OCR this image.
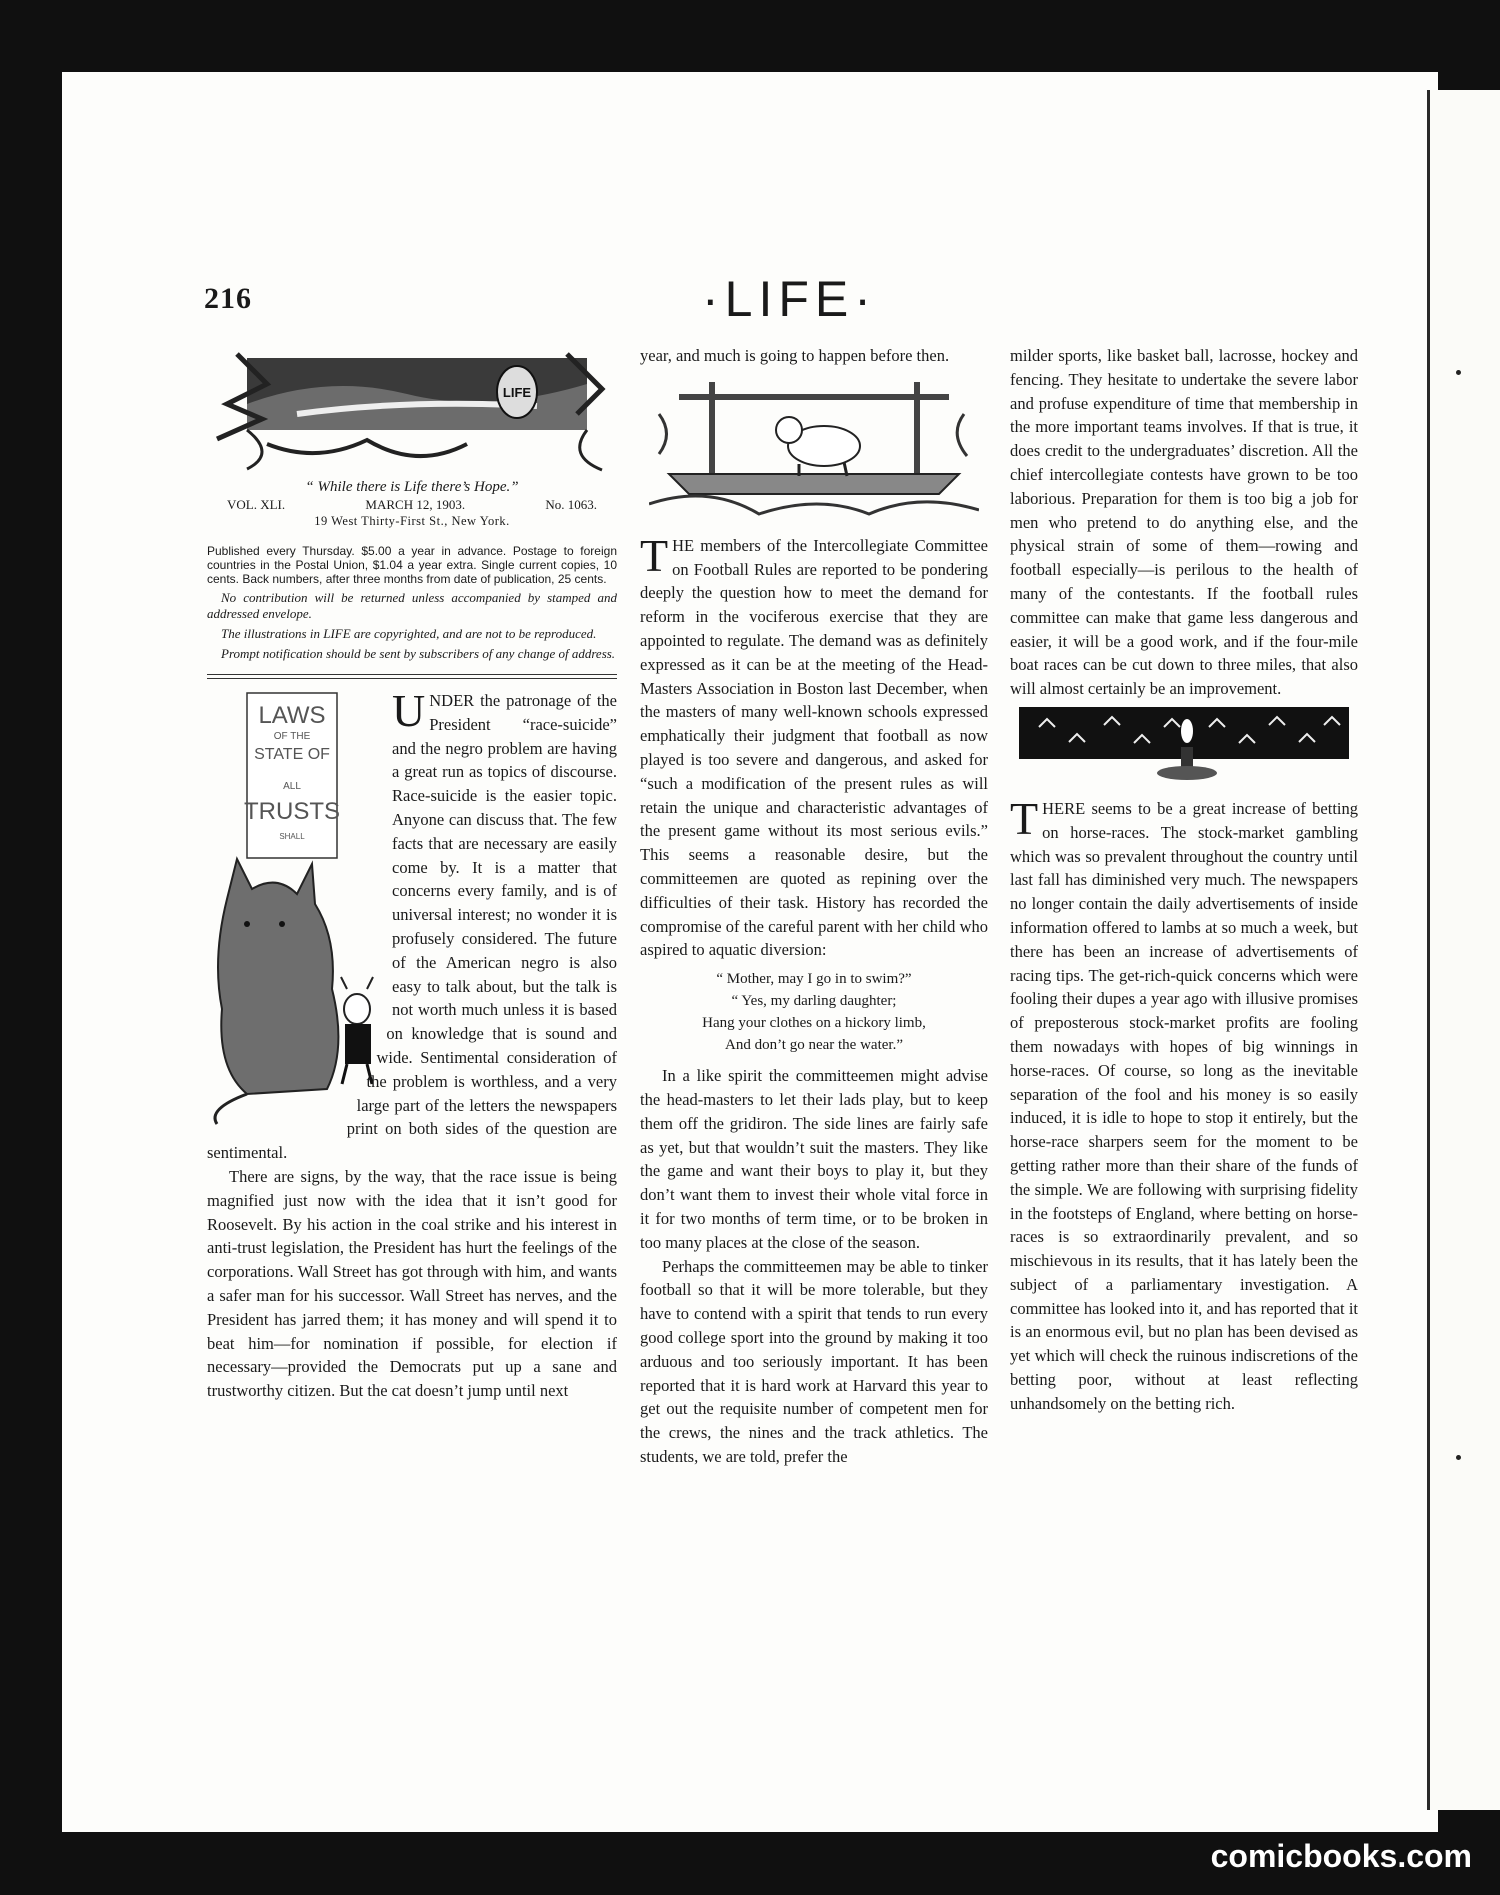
216	·LIFE·
LIFE
“ While there is Life there’s Hope.”
VOL. XLI.	MARCH 12, 1903.	No. 1063.
19 West Thirty-First St., New York.
Published every Thursday. $5.00 a year in advance. Postage to foreign countries in the Postal Union, $1.04 a year extra. Single current copies, 10 cents. Back numbers, after three months from date of publication, 25 cents.
No contribution will be returned unless accompanied by stamped and addressed envelope.
The illustrations in LIFE are copyrighted, and are not to be reproduced.
Prompt notification should be sent by subscribers of any change of address.
LAWS
OF THE
STATE OF
ALL
TRUSTS
SHALL

UNDER the patronage of the President “race-suicide” and the negro problem are having a great run as topics of discourse. Race-suicide is the easier topic. Anyone can discuss that. The few facts that are necessary are easily come by. It is a matter that concerns every family, and is of universal interest; no wonder it is profusely considered. The future of the American negro is also easy to talk about, but the talk is not worth much unless it is based on knowledge that is sound and wide. Sentimental consideration of the problem is worthless, and a very large part of the letters the newspapers print on both sides of the question are sentimental.

There are signs, by the way, that the race issue is being magnified just now with the idea that it isn’t good for Roosevelt. By his action in the coal strike and his interest in anti-trust legislation, the President has hurt the feelings of the corporations. Wall Street has got through with him, and wants a safer man for his successor. Wall Street has nerves, and the President has jarred them; it has money and will spend it to beat him—for nomination if possible, for election if necessary—provided the Democrats put up a sane and trustworthy citizen. But the cat doesn’t jump until next

year, and much is going to happen before then.

THE members of the Intercollegiate Committee on Football Rules are reported to be pondering deeply the question how to meet the demand for reform in the vociferous exercise that they are appointed to regulate. The demand was as definitely expressed as it can be at the meeting of the Head-Masters Association in Boston last December, when the masters of many well-known schools expressed emphatically their judgment that football as now played is too severe and dangerous, and asked for “such a modification of the present rules as will retain the unique and characteristic advantages of the present game without its most serious evils.” This seems a reasonable desire, but the committeemen are quoted as repining over the difficulties of their task. History has recorded the compromise of the careful parent with her child who aspired to aquatic diversion:

“ Mother, may I go in to swim?”
“ Yes, my darling daughter;
Hang your clothes on a hickory limb,
And don’t go near the water.”

In a like spirit the committeemen might advise the head-masters to let their lads play, but to keep them off the gridiron. The side lines are fairly safe as yet, but that wouldn’t suit the masters. They like the game and want their boys to play it, but they don’t want them to invest their whole vital force in it for two months of term time, or to be broken in too many places at the close of the season.

Perhaps the committeemen may be able to tinker football so that it will be more tolerable, but they have to contend with a spirit that tends to run every good college sport into the ground by making it too arduous and too seriously important. It has been reported that it is hard work at Harvard this year to get out the requisite number of competent men for the crews, the nines and the track athletics. The students, we are told, prefer the

milder sports, like basket ball, lacrosse, hockey and fencing. They hesitate to undertake the severe labor and profuse expenditure of time that membership in the more important teams involves. If that is true, it does credit to the undergraduates’ discretion. All the chief intercollegiate contests have grown to be too laborious. Preparation for them is too big a job for men who pretend to do anything else, and the physical strain of some of them—rowing and football especially—is perilous to the health of many of the contestants. If the football rules committee can make that game less dangerous and easier, it will be a good work, and if the four-mile boat races can be cut down to three miles, that also will almost certainly be an improvement.

THERE seems to be a great increase of betting on horse-races. The stock-market gambling which was so prevalent throughout the country until last fall has diminished very much. The newspapers no longer contain the daily advertisements of inside information offered to lambs at so much a week, but there has been an increase of advertisements of racing tips. The get-rich-quick concerns which were fooling their dupes a year ago with illusive promises of preposterous stock-market profits are fooling them nowadays with hopes of big winnings in horse-races. Of course, so long as the inevitable separation of the fool and his money is so easily induced, it is idle to hope to stop it entirely, but the horse-race sharpers seem for the moment to be getting rather more than their share of the funds of the simple. We are following with surprising fidelity in the footsteps of England, where betting on horse-races is so extraordinarily prevalent, and so mischievous in its results, that it has lately been the subject of a parliamentary investigation. A committee has looked into it, and has reported that it is an enormous evil, but no plan has been devised as yet which will check the ruinous indiscretions of the betting poor, without at least reflecting unhandsomely on the betting rich.

comicbooks.com
